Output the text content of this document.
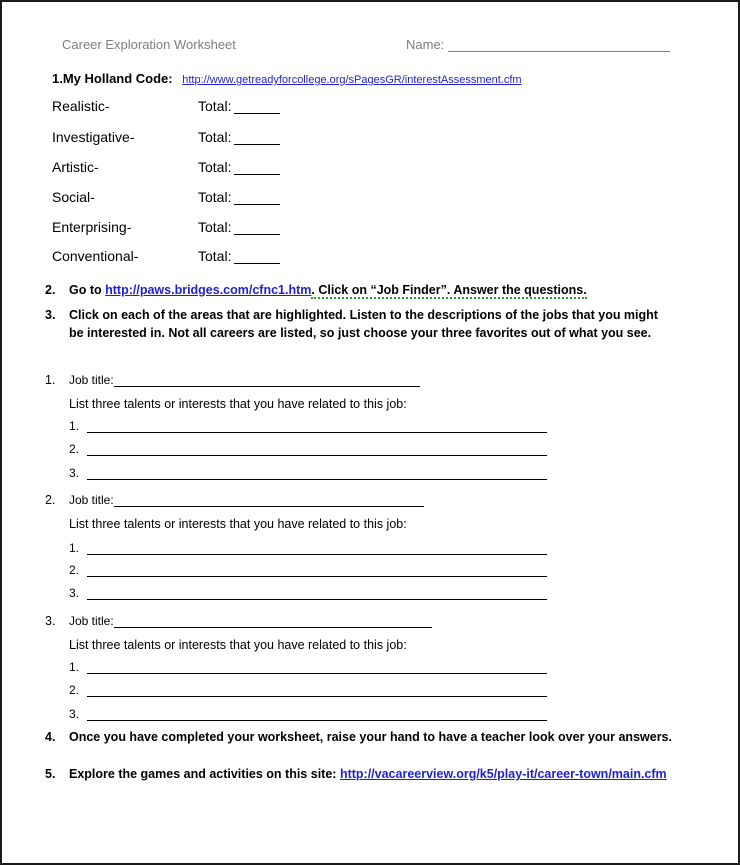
Career Exploration Worksheet	Name:
1.My Holland Code: http://www.getreadyforcollege.org/sPagesGR/interestAssessment.cfm
Realistic-	Total:
Investigative-	Total:
Artistic-	Total:
Social-	Total:
Enterprising-	Total:
Conventional-	Total:
2. Go to http://paws.bridges.com/cfnc1.htm. Click on “Job Finder”. Answer the questions.
3. Click on each of the areas that are highlighted. Listen to the descriptions of the jobs that you might be interested in. Not all careers are listed, so just choose your three favorites out of what you see.
1. Job title:
List three talents or interests that you have related to this job:
1.
2.
3.
2. Job title:
List three talents or interests that you have related to this job:
1.
2.
3.
3. Job title:
List three talents or interests that you have related to this job:
1.
2.
3.
4. Once you have completed your worksheet, raise your hand to have a teacher look over your answers.
5. Explore the games and activities on this site: http://vacareerview.org/k5/play-it/career-town/main.cfm
